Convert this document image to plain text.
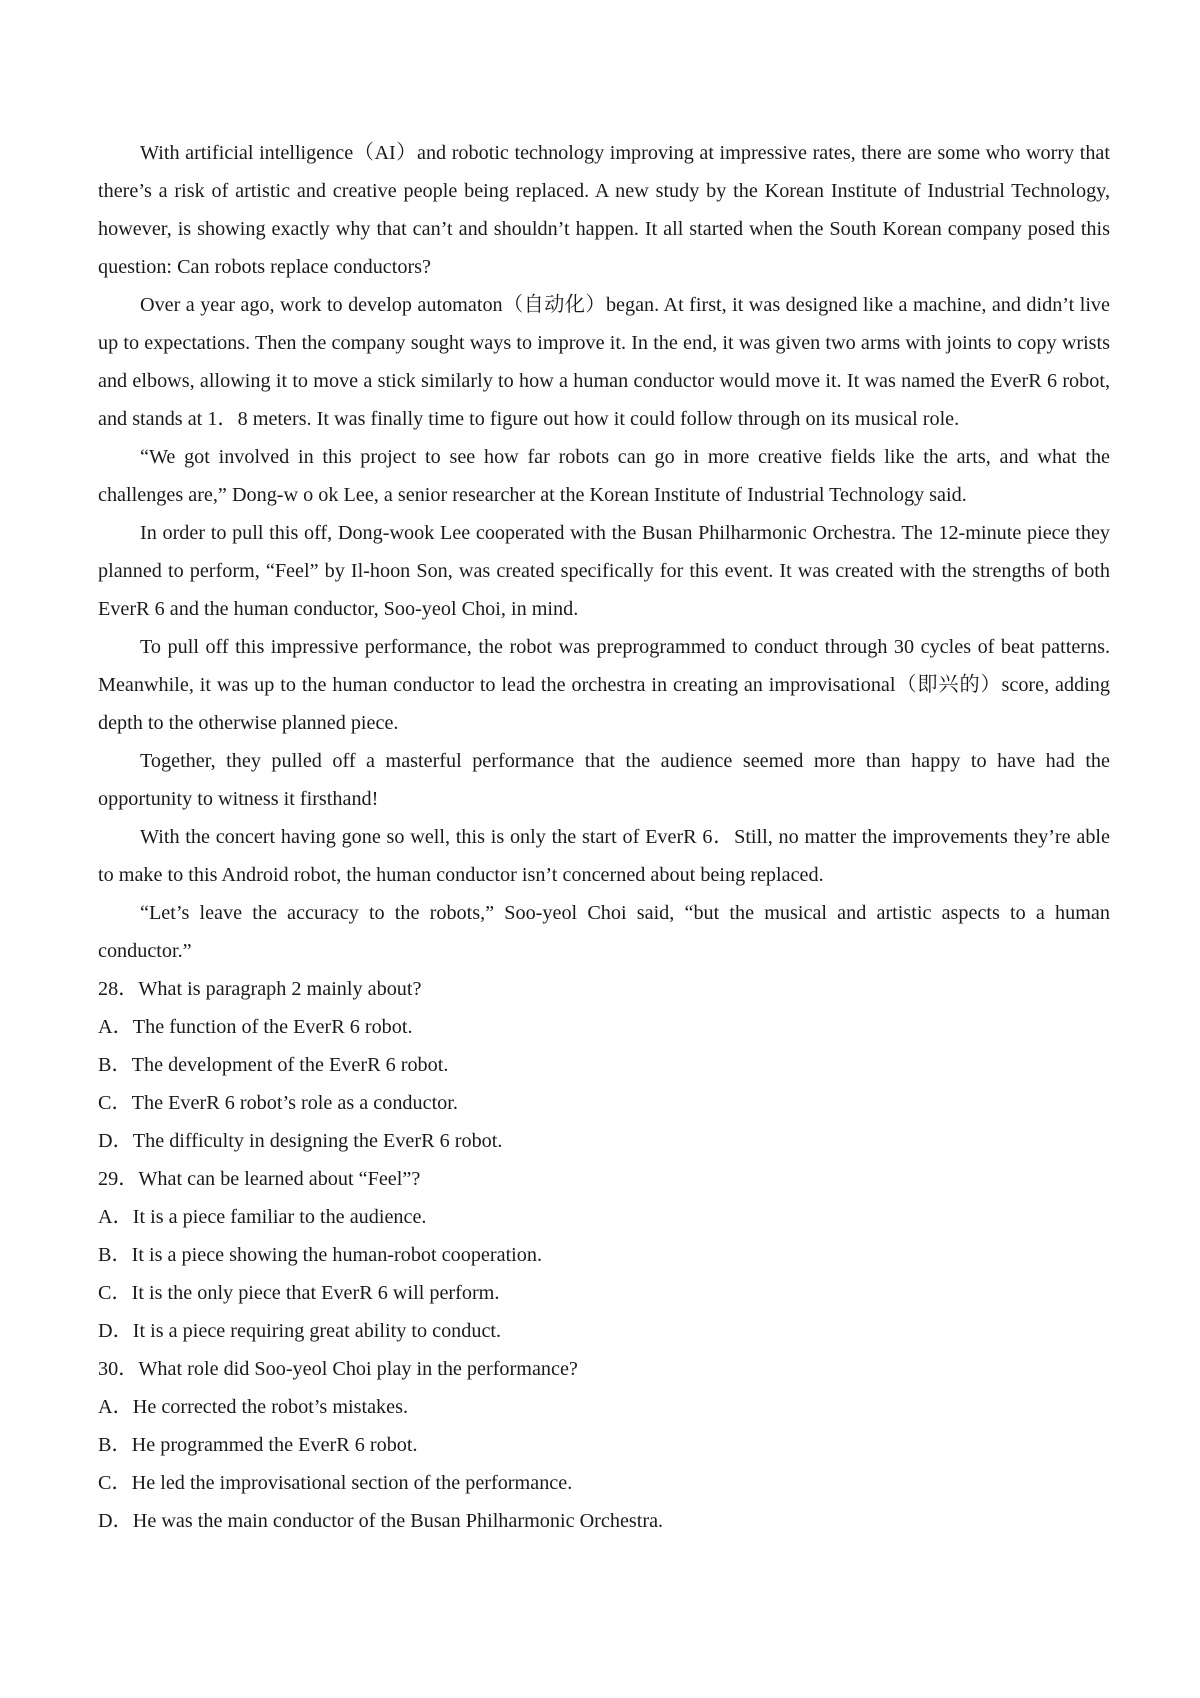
With artificial intelligence（AI）and robotic technology improving at impressive rates, there are some who worry that there’s a risk of artistic and creative people being replaced. A new study by the Korean Institute of Industrial Technology, however, is showing exactly why that can’t and shouldn’t happen. It all started when the South Korean company posed this question: Can robots replace conductors?

Over a year ago, work to develop automaton（自动化）began. At first, it was designed like a machine, and didn’t live up to expectations. Then the company sought ways to improve it. In the end, it was given two arms with joints to copy wrists and elbows, allowing it to move a stick similarly to how a human conductor would move it. It was named the EverR 6 robot, and stands at 1．8 meters. It was finally time to figure out how it could follow through on its musical role.

“We got involved in this project to see how far robots can go in more creative fields like the arts, and what the challenges are,” Dong-w o ok Lee, a senior researcher at the Korean Institute of Industrial Technology said.

In order to pull this off, Dong-wook Lee cooperated with the Busan Philharmonic Orchestra. The 12-minute piece they planned to perform, “Feel” by Il-hoon Son, was created specifically for this event. It was created with the strengths of both EverR 6 and the human conductor, Soo-yeol Choi, in mind.

To pull off this impressive performance, the robot was preprogrammed to conduct through 30 cycles of beat patterns. Meanwhile, it was up to the human conductor to lead the orchestra in creating an improvisational（即兴的）score, adding depth to the otherwise planned piece.

Together, they pulled off a masterful performance that the audience seemed more than happy to have had the opportunity to witness it firsthand!

With the concert having gone so well, this is only the start of EverR 6．Still, no matter the improvements they’re able to make to this Android robot, the human conductor isn’t concerned about being replaced.

“Let’s leave the accuracy to the robots,” Soo-yeol Choi said, “but the musical and artistic aspects to a human conductor.”

28．What is paragraph 2 mainly about?

A．The function of the EverR 6 robot.

B．The development of the EverR 6 robot.

C．The EverR 6 robot’s role as a conductor.

D．The difficulty in designing the EverR 6 robot.

29．What can be learned about “Feel”?

A．It is a piece familiar to the audience.

B．It is a piece showing the human-robot cooperation.

C．It is the only piece that EverR 6 will perform.

D．It is a piece requiring great ability to conduct.

30．What role did Soo-yeol Choi play in the performance?

A．He corrected the robot’s mistakes.

B．He programmed the EverR 6 robot.

C．He led the improvisational section of the performance.

D．He was the main conductor of the Busan Philharmonic Orchestra.
